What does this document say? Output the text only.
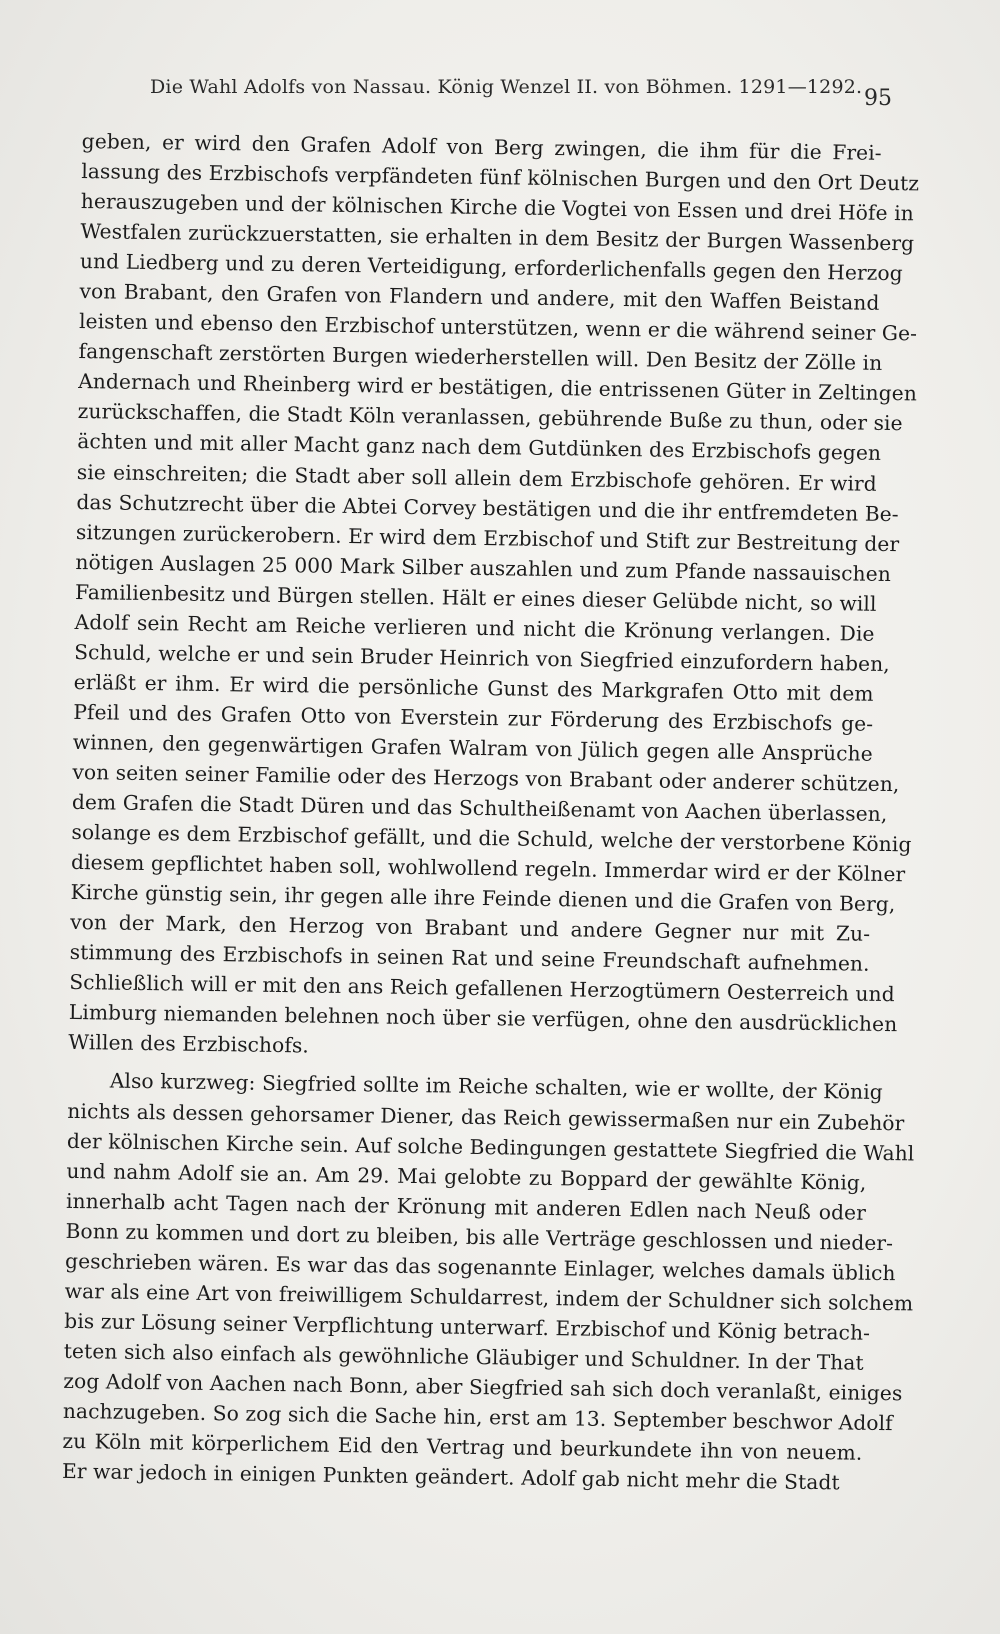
Die Wahl Adolfs von Nassau. König Wenzel II. von Böhmen. 1291—1292. 95
geben, er wird den Grafen Adolf von Berg zwingen, die ihm für die Frei-
lassung des Erzbischofs verpfändeten fünf kölnischen Burgen und den Ort Deutz
herauszugeben und der kölnischen Kirche die Vogtei von Essen und drei Höfe in
Westfalen zurückzuerstatten, sie erhalten in dem Besitz der Burgen Wassenberg
und Liedberg und zu deren Verteidigung, erforderlichenfalls gegen den Herzog
von Brabant, den Grafen von Flandern und andere, mit den Waffen Beistand
leisten und ebenso den Erzbischof unterstützen, wenn er die während seiner Ge-
fangenschaft zerstörten Burgen wiederherstellen will. Den Besitz der Zölle in
Andernach und Rheinberg wird er bestätigen, die entrissenen Güter in Zeltingen
zurückschaffen, die Stadt Köln veranlassen, gebührende Buße zu thun, oder sie
ächten und mit aller Macht ganz nach dem Gutdünken des Erzbischofs gegen
sie einschreiten; die Stadt aber soll allein dem Erzbischofe gehören. Er wird
das Schutzrecht über die Abtei Corvey bestätigen und die ihr entfremdeten Be-
sitzungen zurückerobern. Er wird dem Erzbischof und Stift zur Bestreitung der
nötigen Auslagen 25 000 Mark Silber auszahlen und zum Pfande nassauischen
Familienbesitz und Bürgen stellen. Hält er eines dieser Gelübde nicht, so will
Adolf sein Recht am Reiche verlieren und nicht die Krönung verlangen. Die
Schuld, welche er und sein Bruder Heinrich von Siegfried einzufordern haben,
erläßt er ihm. Er wird die persönliche Gunst des Markgrafen Otto mit dem
Pfeil und des Grafen Otto von Everstein zur Förderung des Erzbischofs ge-
winnen, den gegenwärtigen Grafen Walram von Jülich gegen alle Ansprüche
von seiten seiner Familie oder des Herzogs von Brabant oder anderer schützen,
dem Grafen die Stadt Düren und das Schultheißenamt von Aachen überlassen,
solange es dem Erzbischof gefällt, und die Schuld, welche der verstorbene König
diesem gepflichtet haben soll, wohlwollend regeln. Immerdar wird er der Kölner
Kirche günstig sein, ihr gegen alle ihre Feinde dienen und die Grafen von Berg,
von der Mark, den Herzog von Brabant und andere Gegner nur mit Zu-
stimmung des Erzbischofs in seinen Rat und seine Freundschaft aufnehmen.
Schließlich will er mit den ans Reich gefallenen Herzogtümern Oesterreich und
Limburg niemanden belehnen noch über sie verfügen, ohne den ausdrücklichen
Willen des Erzbischofs.
Also kurzweg: Siegfried sollte im Reiche schalten, wie er wollte, der König
nichts als dessen gehorsamer Diener, das Reich gewissermaßen nur ein Zubehör
der kölnischen Kirche sein. Auf solche Bedingungen gestattete Siegfried die Wahl
und nahm Adolf sie an. Am 29. Mai gelobte zu Boppard der gewählte König,
innerhalb acht Tagen nach der Krönung mit anderen Edlen nach Neuß oder
Bonn zu kommen und dort zu bleiben, bis alle Verträge geschlossen und nieder-
geschrieben wären. Es war das das sogenannte Einlager, welches damals üblich
war als eine Art von freiwilligem Schuldarrest, indem der Schuldner sich solchem
bis zur Lösung seiner Verpflichtung unterwarf. Erzbischof und König betrach-
teten sich also einfach als gewöhnliche Gläubiger und Schuldner. In der That
zog Adolf von Aachen nach Bonn, aber Siegfried sah sich doch veranlaßt, einiges
nachzugeben. So zog sich die Sache hin, erst am 13. September beschwor Adolf
zu Köln mit körperlichem Eid den Vertrag und beurkundete ihn von neuem.
Er war jedoch in einigen Punkten geändert. Adolf gab nicht mehr die Stadt
